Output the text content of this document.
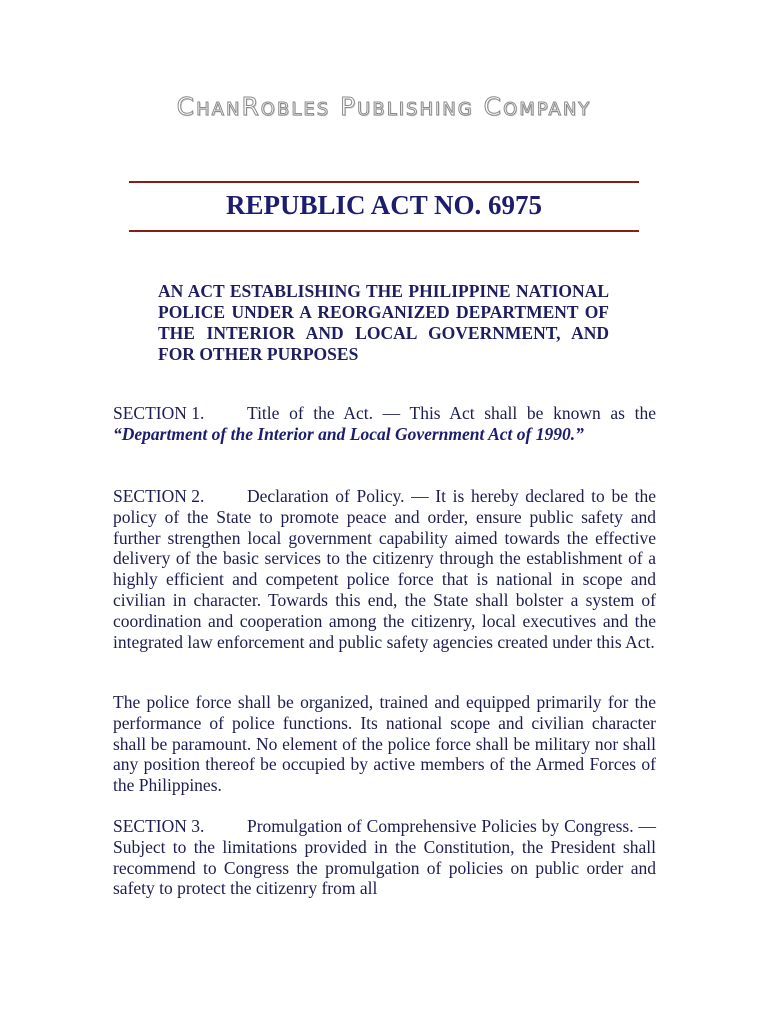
ChanRobles Publishing Company
REPUBLIC ACT NO. 6975
AN ACT ESTABLISHING THE PHILIPPINE NATIONAL POLICE UNDER A REORGANIZED DEPARTMENT OF THE INTERIOR AND LOCAL GOVERNMENT, AND FOR OTHER PURPOSES
SECTION 1. Title of the Act. — This Act shall be known as the “Department of the Interior and Local Government Act of 1990.”
SECTION 2. Declaration of Policy. — It is hereby declared to be the policy of the State to promote peace and order, ensure public safety and further strengthen local government capability aimed towards the effective delivery of the basic services to the citizenry through the establishment of a highly efficient and competent police force that is national in scope and civilian in character. Towards this end, the State shall bolster a system of coordination and cooperation among the citizenry, local executives and the integrated law enforcement and public safety agencies created under this Act.
The police force shall be organized, trained and equipped primarily for the performance of police functions. Its national scope and civilian character shall be paramount. No element of the police force shall be military nor shall any position thereof be occupied by active members of the Armed Forces of the Philippines.
SECTION 3. Promulgation of Comprehensive Policies by Congress. — Subject to the limitations provided in the Constitution, the President shall recommend to Congress the promulgation of policies on public order and safety to protect the citizenry from all
